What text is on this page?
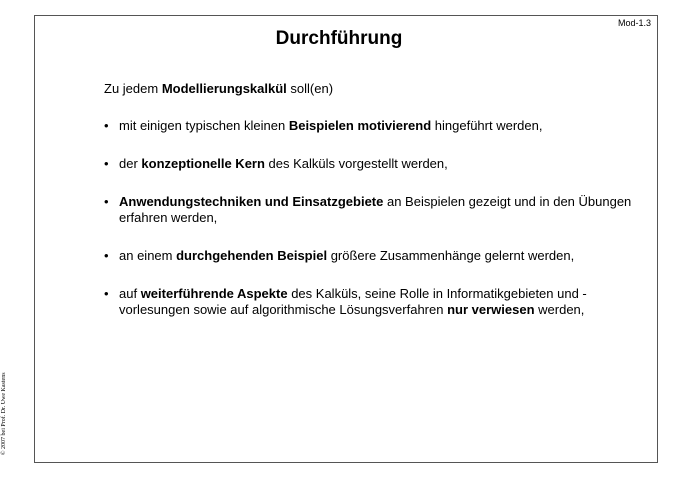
Mod-1.3
Durchführung
Zu jedem Modellierungskalkül soll(en)
• mit einigen typischen kleinen Beispielen motivierend hingeführt werden,
• der konzeptionelle Kern des Kalküls vorgestellt werden,
• Anwendungstechniken und Einsatzgebiete an Beispielen gezeigt und in den Übungen erfahren werden,
• an einem durchgehenden Beispiel größere Zusammenhänge gelernt werden,
• auf weiterführende Aspekte des Kalküls, seine Rolle in Informatikgebieten und -vorlesungen sowie auf algorithmische Lösungsverfahren nur verwiesen werden,
© 2007 bei Prof. Dr. Uwe Kastens
